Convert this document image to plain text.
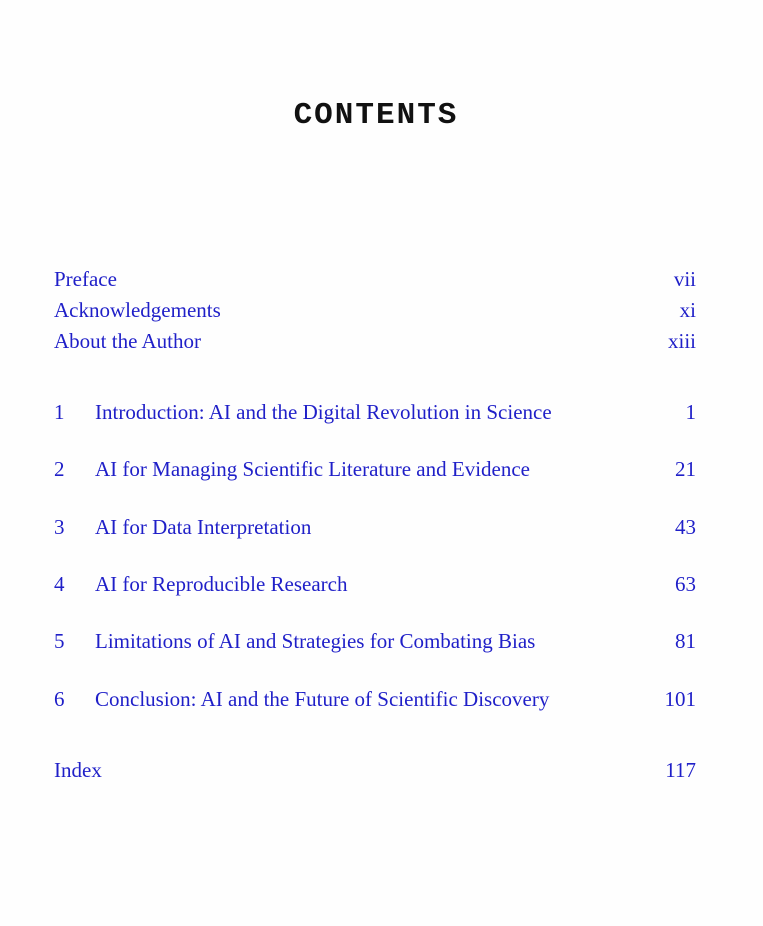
CONTENTS
Preface	vii
Acknowledgements	xi
About the Author	xiii
1 Introduction: AI and the Digital Revolution in Science	1
2 AI for Managing Scientific Literature and Evidence	21
3 AI for Data Interpretation	43
4 AI for Reproducible Research	63
5 Limitations of AI and Strategies for Combating Bias	81
6 Conclusion: AI and the Future of Scientific Discovery	101
Index	117
